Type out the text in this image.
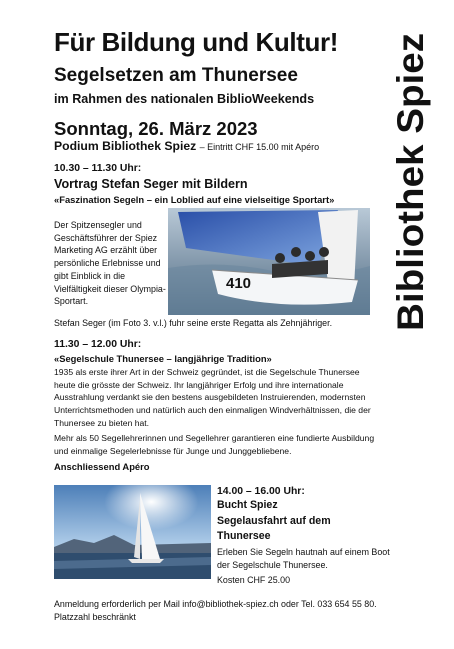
Für Bildung und Kultur!
Segelsetzen am Thunersee
im Rahmen des nationalen BiblioWeekends
Sonntag, 26. März 2023
Podium Bibliothek Spiez – Eintritt CHF 15.00 mit Apéro Bibliothek Spiez
10.30 – 11.30 Uhr:
Vortrag Stefan Seger mit Bildern
«Faszination Segeln – ein Loblied auf eine vielseitige Sportart»
Der Spitzensegler und Geschäftsführer der Spiez Marketing AG erzählt über persönliche Erlebnisse und gibt Einblick in die Vielfältigkeit dieser Olympia-Sportart.
410
Stefan Seger (im Foto 3. v.l.) fuhr seine erste Regatta als Zehnjähriger.
11.30 – 12.00 Uhr:
«Segelschule Thunersee – langjährige Tradition»
1935 als erste ihrer Art in der Schweiz gegründet, ist die Segelschule Thunersee heute die grösste der Schweiz. Ihr langjähriger Erfolg und ihre internationale Ausstrahlung verdankt sie den bestens ausgebildeten Instruierenden, modernsten Unterrichtsmethoden und natürlich auch den einmaligen Windverhältnissen, die der Thunersee zu bieten hat.
Mehr als 50 Segellehrerinnen und Segellehrer garantieren eine fundierte Ausbildung und einmalige Segelerlebnisse für Junge und Junggebliebene.
Anschliessend Apéro
14.00 – 16.00 Uhr:
Bucht Spiez
Segelausfahrt auf dem
Thunersee
Erleben Sie Segeln hautnah auf einem Boot der Segelschule Thunersee.
Kosten CHF 25.00
Anmeldung erforderlich per Mail info@bibliothek-spiez.ch oder Tel. 033 654 55 80.
Platzzahl beschränkt
